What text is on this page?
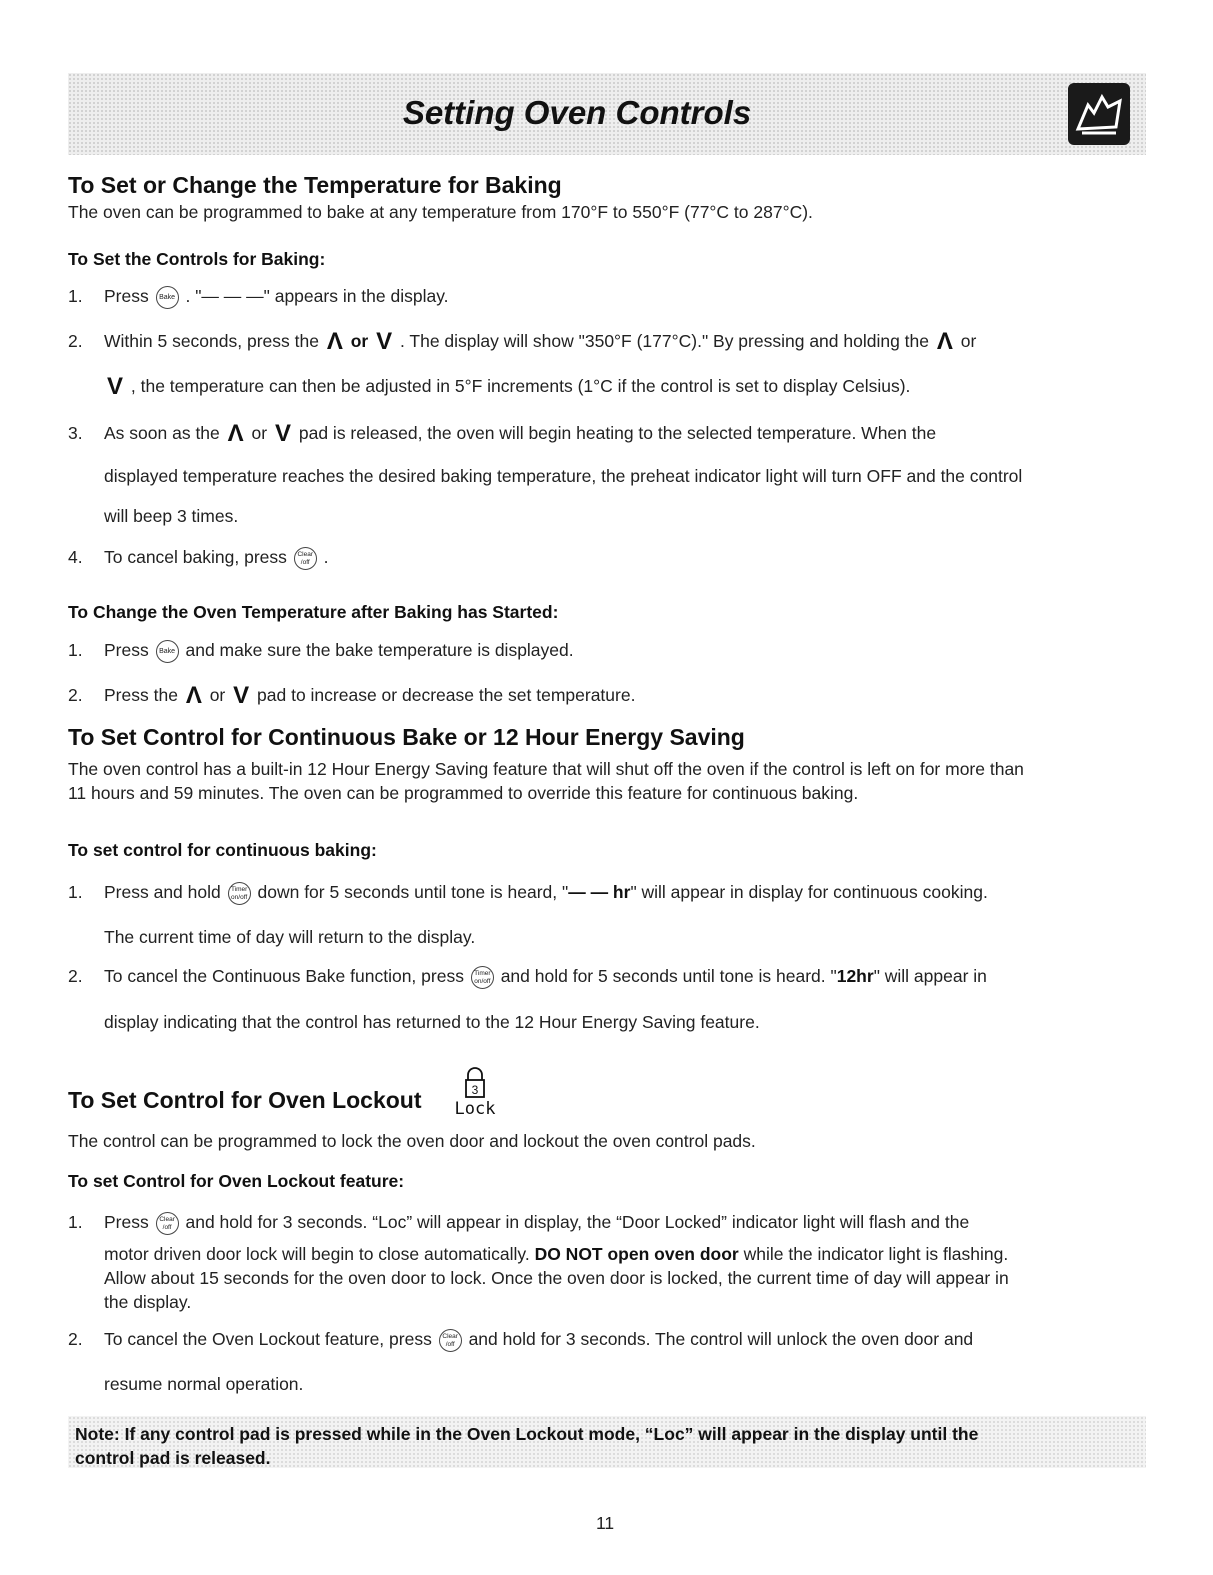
Setting Oven Controls
To Set or Change the Temperature for Baking
The oven can be programmed to bake at any temperature from 170°F to 550°F (77°C to 287°C).
To Set the Controls for Baking:
1. Press Bake . "— — —" appears in the display.
2. Within 5 seconds, press the Λ or V . The display will show "350°F (177°C)." By pressing and holding the Λ or
V , the temperature can then be adjusted in 5°F increments (1°C if the control is set to display Celsius).
3. As soon as the Λ or V pad is released, the oven will begin heating to the selected temperature. When the
displayed temperature reaches the desired baking temperature, the preheat indicator light will turn OFF and the control
will beep 3 times.
4. To cancel baking, press Clear
/off .
To Change the Oven Temperature after Baking has Started:
1. Press Bake and make sure the bake temperature is displayed.
2. Press the Λ or V pad to increase or decrease the set temperature.
To Set Control for Continuous Bake or 12 Hour Energy Saving
The oven control has a built-in 12 Hour Energy Saving feature that will shut off the oven if the control is left on for more than
11 hours and 59 minutes. The oven can be programmed to override this feature for continuous baking.
To set control for continuous baking:
1. Press and hold Timer
on/off down for 5 seconds until tone is heard, "— — hr" will appear in display for continuous cooking.
The current time of day will return to the display.
2. To cancel the Continuous Bake function, press Timer
on/off and hold for 5 seconds until tone is heard. "12hr" will appear in
display indicating that the control has returned to the 12 Hour Energy Saving feature.
To Set Control for Oven Lockout	3
Lock
The control can be programmed to lock the oven door and lockout the oven control pads.
To set Control for Oven Lockout feature:
1. Press Clear
/off and hold for 3 seconds. “Loc” will appear in display, the “Door Locked” indicator light will flash and the
motor driven door lock will begin to close automatically. DO NOT open oven door while the indicator light is flashing.
Allow about 15 seconds for the oven door to lock. Once the oven door is locked, the current time of day will appear in
the display.
2. To cancel the Oven Lockout feature, press Clear
/off and hold for 3 seconds. The control will unlock the oven door and
resume normal operation.
Note: If any control pad is pressed while in the Oven Lockout mode, “Loc” will appear in the display until the
control pad is released.
11
